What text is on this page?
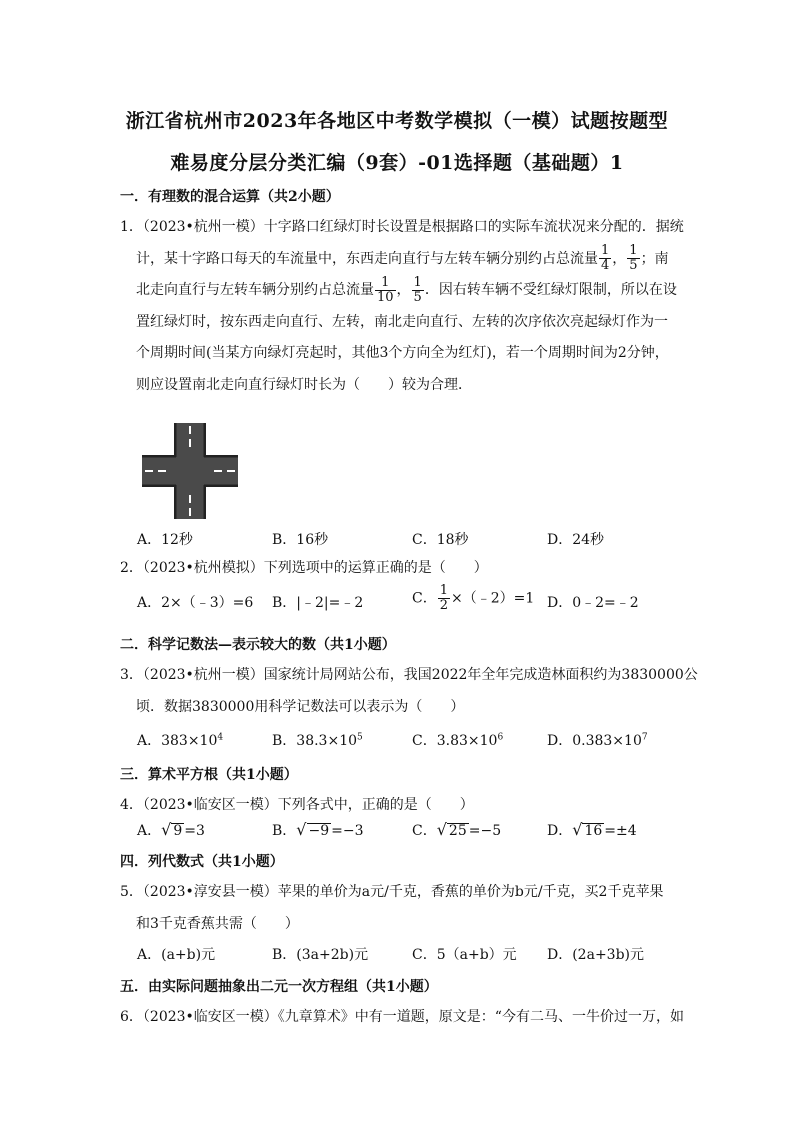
浙江省杭州市2023年各地区中考数学模拟（一模）试题按题型
难易度分层分类汇编（9套）-01选择题（基础题）1
一．有理数的混合运算（共2小题）
1．（2023•杭州一模）十字路口红绿灯时长设置是根据路口的实际车流状况来分配的．据统
计，某十字路口每天的车流量中，东西走向直行与左转车辆分别约占总流量 $\frac{1}{4}$ ， $\frac{1}{5}$ ；南
北走向直行与左转车辆分别约占总流量 $\frac{1}{10}$ ， $\frac{1}{5}$ ．因右转车辆不受红绿灯限制，所以在设
置红绿灯时，按东西走向直行、左转，南北走向直行、左转的次序依次亮起绿灯作为一
个周期时间(当某方向绿灯亮起时，其他3个方向全为红灯)，若一个周期时间为2分钟，
则应设置南北走向直行绿灯时长为（　　）较为合理．
A．12秒	B．16秒	C．18秒	D．24秒
2．（2023•杭州模拟）下列选项中的运算正确的是（　　）
A．2×（﹣3）=6 B．|﹣2|=﹣2	C． $\frac{1}{2}$ ×（﹣2）=1 D．0﹣2=﹣2
二．科学记数法—表示较大的数（共1小题）
3．（2023•杭州一模）国家统计局网站公布，我国2022年全年完成造林面积约为3830000公
顷．数据3830000用科学记数法可以表示为（　　）
A．$383\times 10^4$	B．$38.3\times 10^5$	C．$3.83\times 10^6$	D．$0.383\times 10^7$
三．算术平方根（共1小题）
4．（2023•临安区一模）下列各式中，正确的是（　　）
A．√ 9 =3	B．√ −9 =−3	C．√ 25 =−5	D．√ 16 =±4
四．列代数式（共1小题）
5．（2023•淳安县一模）苹果的单价为a元/千克，香蕉的单价为b元/千克，买2千克苹果
和3千克香蕉共需（　　）
A．(a+b)元	B．(3a+2b)元	C．5（a+b）元 D．(2a+3b)元
五．由实际问题抽象出二元一次方程组（共1小题）
6．（2023•临安区一模）《九章算术》中有一道题，原文是：“今有二马、一牛价过一万，如
